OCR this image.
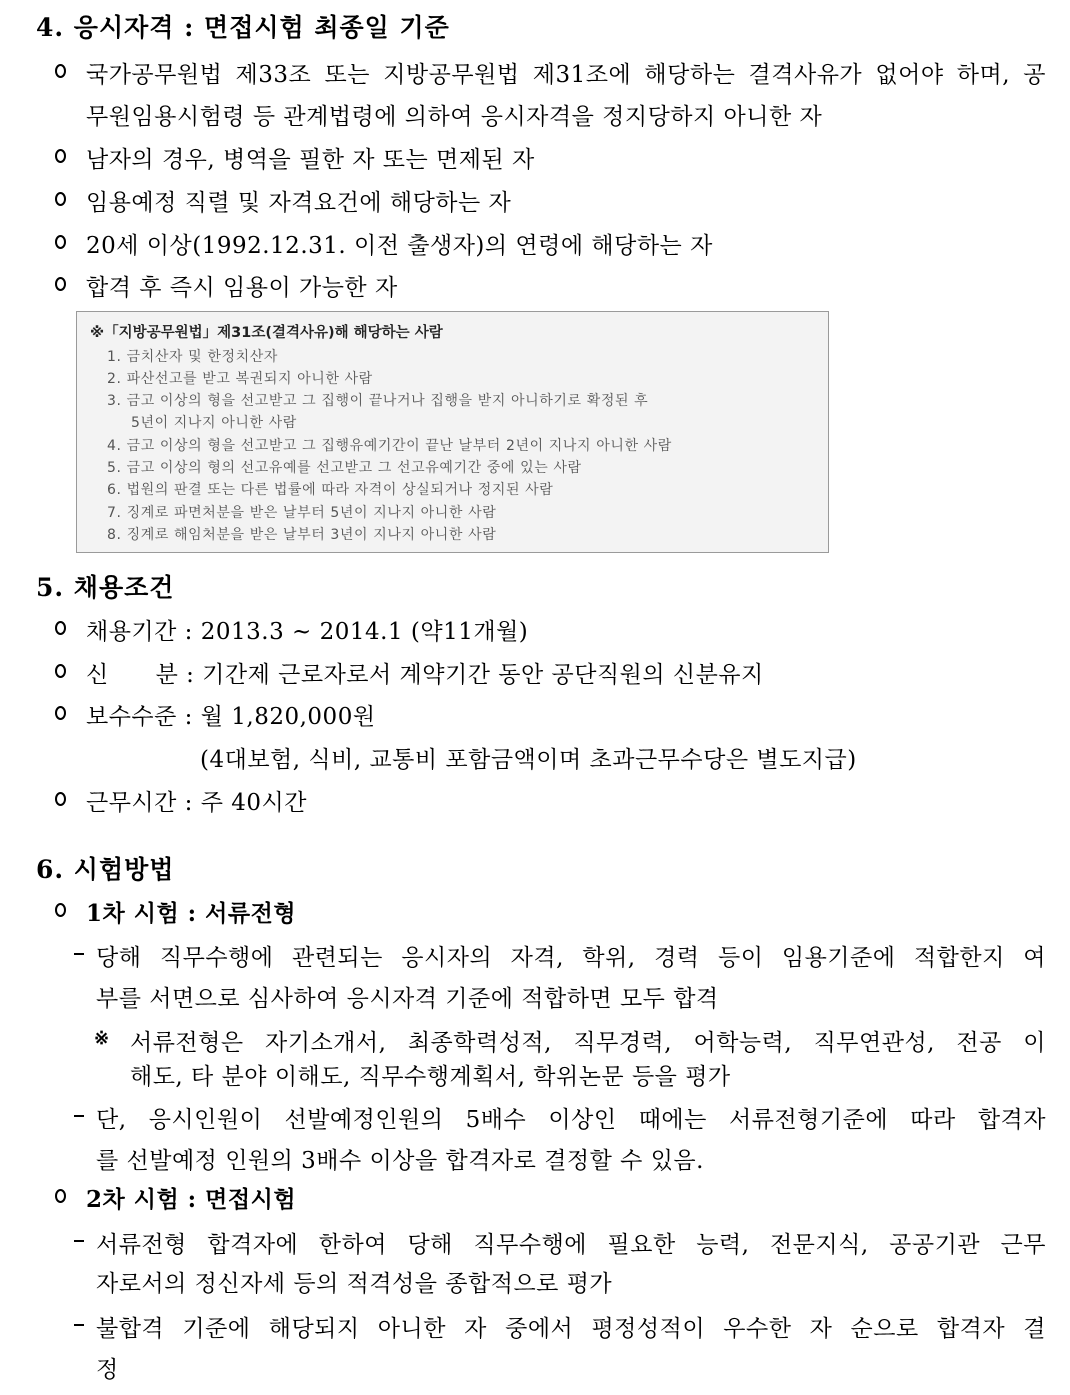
4. 응시자격 : 면접시험 최종일 기준
국가공무원법 제33조 또는 지방공무원법 제31조에 해당하는 결격사유가 없어야 하며, 공
무원임용시험령 등 관계법령에 의하여 응시자격을 정지당하지 아니한 자
남자의 경우, 병역을 필한 자 또는 면제된 자
임용예정 직렬 및 자격요건에 해당하는 자
20세 이상(1992.12.31. 이전 출생자)의 연령에 해당하는 자
합격 후 즉시 임용이 가능한 자
※「지방공무원법」제31조(결격사유)해 해당하는 사람
1. 금치산자 및 한정치산자
2. 파산선고를 받고 복권되지 아니한 사람
3. 금고 이상의 형을 선고받고 그 집행이 끝나거나 집행을 받지 아니하기로 확정된 후
5년이 지나지 아니한 사람
4. 금고 이상의 형을 선고받고 그 집행유예기간이 끝난 날부터 2년이 지나지 아니한 사람
5. 금고 이상의 형의 선고유예를 선고받고 그 선고유예기간 중에 있는 사람
6. 법원의 판결 또는 다른 법률에 따라 자격이 상실되거나 정지된 사람
7. 징계로 파면처분을 받은 날부터 5년이 지나지 아니한 사람
8. 징계로 해임처분을 받은 날부터 3년이 지나지 아니한 사람
5. 채용조건
채용기간 : 2013.3 ~ 2014.1 (약11개월)
신      분 : 기간제 근로자로서 계약기간 동안 공단직원의 신분유지
보수수준 : 월 1,820,000원
(4대보험, 식비, 교통비 포함금액이며 초과근무수당은 별도지급)
근무시간 : 주 40시간
6. 시험방법
1차 시험 : 서류전형
당해 직무수행에 관련되는 응시자의 자격, 학위, 경력 등이 임용기준에 적합한지 여
부를 서면으로 심사하여 응시자격 기준에 적합하면 모두 합격
※ 서류전형은 자기소개서, 최종학력성적, 직무경력, 어학능력, 직무연관성, 전공 이
해도, 타 분야 이해도, 직무수행계획서, 학위논문 등을 평가
단, 응시인원이 선발예정인원의 5배수 이상인 때에는 서류전형기준에 따라 합격자
를 선발예정 인원의 3배수 이상을 합격자로 결정할 수 있음.
2차 시험 : 면접시험
서류전형 합격자에 한하여 당해 직무수행에 필요한 능력, 전문지식, 공공기관 근무
자로서의 정신자세 등의 적격성을 종합적으로 평가
불합격 기준에 해당되지 아니한 자 중에서 평정성적이 우수한 자 순으로 합격자 결
정
